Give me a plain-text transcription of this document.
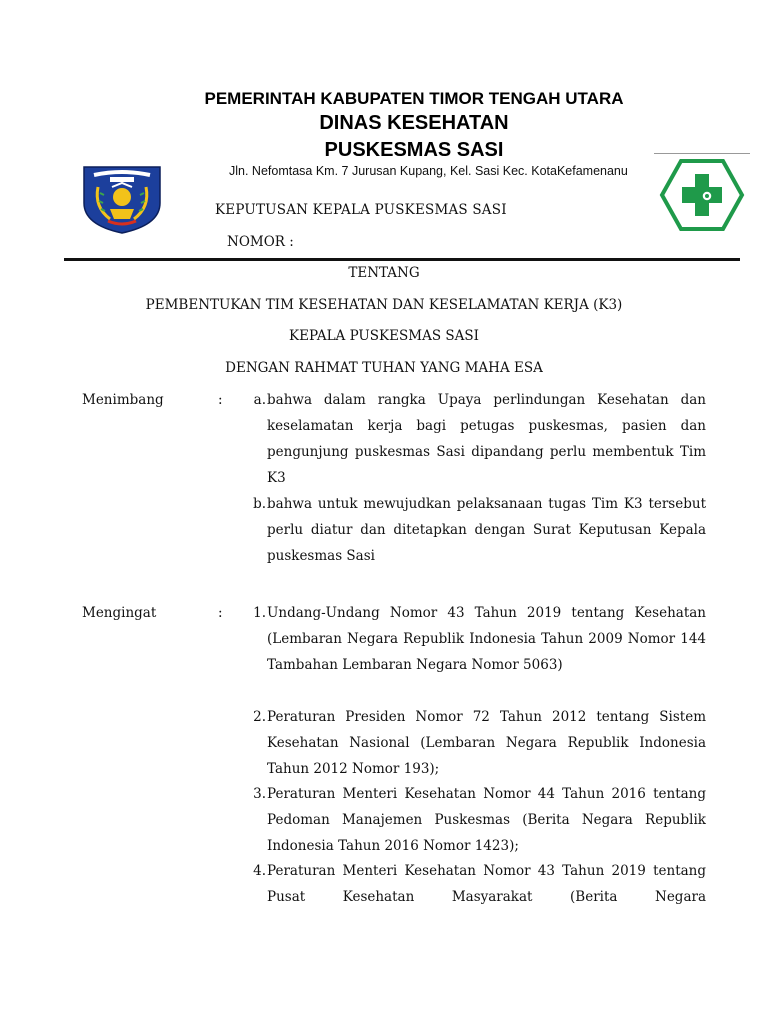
PEMERINTAH KABUPATEN TIMOR TENGAH UTARA
DINAS KESEHATAN
PUSKESMAS SASI
Jln. Nefomtasa Km. 7 Jurusan Kupang, Kel. Sasi Kec. KotaKefamenanu
KEPUTUSAN KEPALA PUSKESMAS SASI
NOMOR :
TENTANG
PEMBENTUKAN TIM KESEHATAN DAN KESELAMATAN KERJA (K3)
KEPALA PUSKESMAS SASI
DENGAN RAHMAT TUHAN YANG MAHA ESA
Menimbang	:	a. bahwa dalam rangka Upaya perlindungan Kesehatan dan keselamatan kerja bagi petugas puskesmas, pasien dan pengunjung puskesmas Sasi dipandang perlu membentuk Tim K3
b. bahwa untuk mewujudkan pelaksanaan tugas Tim K3 tersebut perlu diatur dan ditetapkan dengan Surat Keputusan Kepala puskesmas Sasi
Mengingat	:	1. Undang-Undang Nomor 43 Tahun 2019 tentang Kesehatan (Lembaran Negara Republik Indonesia Tahun 2009 Nomor 144 Tambahan Lembaran Negara Nomor 5063)
2. Peraturan Presiden Nomor 72 Tahun 2012 tentang Sistem Kesehatan Nasional (Lembaran Negara Republik Indonesia Tahun 2012 Nomor 193);
3. Peraturan Menteri Kesehatan Nomor 44 Tahun 2016 tentang Pedoman Manajemen Puskesmas (Berita Negara Republik Indonesia Tahun 2016 Nomor 1423);
4. Peraturan Menteri Kesehatan Nomor 43 Tahun 2019 tentang Pusat Kesehatan Masyarakat (Berita Negara
